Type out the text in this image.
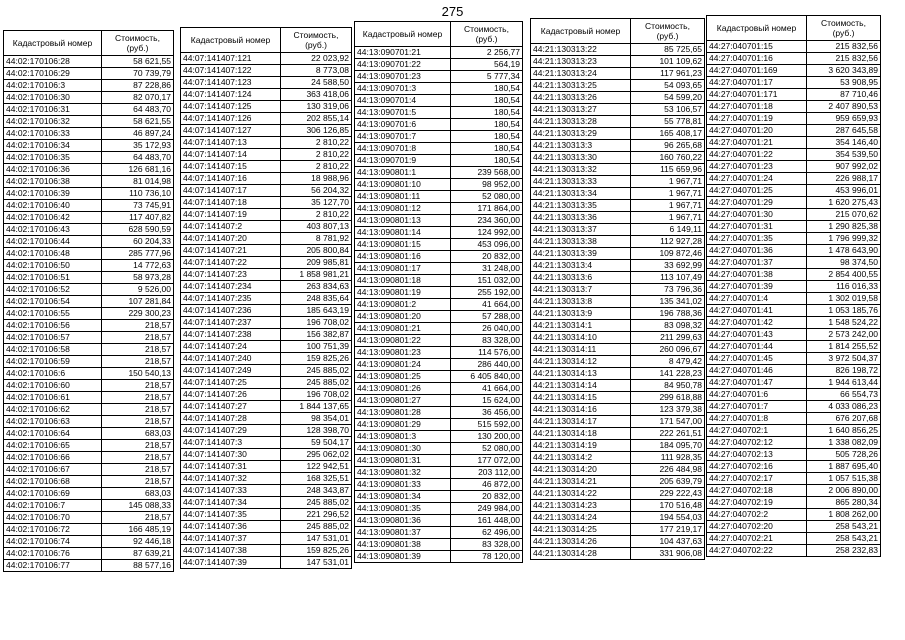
275
Кадастровый номер	Стоимость, (руб.)
44:02:170106:28	58 621,55
44:02:170106:29	70 739,79
44:02:170106:3	87 228,86
44:02:170106:30	82 070,17
44:02:170106:31	64 483,70
44:02:170106:32	58 621,55
44:02:170106:33	46 897,24
44:02:170106:34	35 172,93
44:02:170106:35	64 483,70
44:02:170106:36	126 681,16
44:02:170106:38	81 014,98
44:02:170106:39	110 736,10
44:02:170106:40	73 745,91
44:02:170106:42	117 407,82
44:02:170106:43	628 590,59
44:02:170106:44	60 204,33
44:02:170106:48	285 777,96
44:02:170106:50	14 772,63
44:02:170106:51	58 973,28
44:02:170106:52	9 526,00
44:02:170106:54	107 281,84
44:02:170106:55	229 300,23
44:02:170106:56	218,57
44:02:170106:57	218,57
44:02:170106:58	218,57
44:02:170106:59	218,57
44:02:170106:6	150 540,13
44:02:170106:60	218,57
44:02:170106:61	218,57
44:02:170106:62	218,57
44:02:170106:63	218,57
44:02:170106:64	683,03
44:02:170106:65	218,57
44:02:170106:66	218,57
44:02:170106:67	218,57
44:02:170106:68	218,57
44:02:170106:69	683,03
44:02:170106:7	145 088,33
44:02:170106:70	218,57
44:02:170106:72	166 485,19
44:02:170106:74	92 446,18
44:02:170106:76	87 639,21
44:02:170106:77	88 577,16
Кадастровый номер	Стоимость, (руб.)
44:07:141407:121	22 023,92
44:07:141407:122	8 773,08
44:07:141407:123	24 588,50
44:07:141407:124	363 418,06
44:07:141407:125	130 319,06
44:07:141407:126	202 855,14
44:07:141407:127	306 126,85
44:07:141407:13	2 810,22
44:07:141407:14	2 810,22
44:07:141407:15	2 810,22
44:07:141407:16	18 988,96
44:07:141407:17	56 204,32
44:07:141407:18	35 127,70
44:07:141407:19	2 810,22
44:07:141407:2	403 807,13
44:07:141407:20	8 781,92
44:07:141407:21	205 800,84
44:07:141407:22	209 985,81
44:07:141407:23	1 858 981,21
44:07:141407:234	263 834,63
44:07:141407:235	248 835,64
44:07:141407:236	185 643,19
44:07:141407:237	196 708,02
44:07:141407:238	156 382,87
44:07:141407:24	100 751,39
44:07:141407:240	159 825,26
44:07:141407:249	245 885,02
44:07:141407:25	245 885,02
44:07:141407:26	196 708,02
44:07:141407:27	1 844 137,65
44:07:141407:28	98 354,01
44:07:141407:29	128 398,70
44:07:141407:3	59 504,17
44:07:141407:30	295 062,02
44:07:141407:31	122 942,51
44:07:141407:32	168 325,51
44:07:141407:33	248 343,87
44:07:141407:34	245 885,02
44:07:141407:35	221 296,52
44:07:141407:36	245 885,02
44:07:141407:37	147 531,01
44:07:141407:38	159 825,26
44:07:141407:39	147 531,01
Кадастровый номер	Стоимость, (руб.)
44:13:090701:21	2 256,77
44:13:090701:22	564,19
44:13:090701:23	5 777,34
44:13:090701:3	180,54
44:13:090701:4	180,54
44:13:090701:5	180,54
44:13:090701:6	180,54
44:13:090701:7	180,54
44:13:090701:8	180,54
44:13:090701:9	180,54
44:13:090801:1	239 568,00
44:13:090801:10	98 952,00
44:13:090801:11	52 080,00
44:13:090801:12	171 864,00
44:13:090801:13	234 360,00
44:13:090801:14	124 992,00
44:13:090801:15	453 096,00
44:13:090801:16	20 832,00
44:13:090801:17	31 248,00
44:13:090801:18	151 032,00
44:13:090801:19	255 192,00
44:13:090801:2	41 664,00
44:13:090801:20	57 288,00
44:13:090801:21	26 040,00
44:13:090801:22	83 328,00
44:13:090801:23	114 576,00
44:13:090801:24	286 440,00
44:13:090801:25	6 405 840,00
44:13:090801:26	41 664,00
44:13:090801:27	15 624,00
44:13:090801:28	36 456,00
44:13:090801:29	515 592,00
44:13:090801:3	130 200,00
44:13:090801:30	52 080,00
44:13:090801:31	177 072,00
44:13:090801:32	203 112,00
44:13:090801:33	46 872,00
44:13:090801:34	20 832,00
44:13:090801:35	249 984,00
44:13:090801:36	161 448,00
44:13:090801:37	62 496,00
44:13:090801:38	83 328,00
44:13:090801:39	78 120,00
Кадастровый номер	Стоимость, (руб.)
44:21:130313:22	85 725,65
44:21:130313:23	101 109,62
44:21:130313:24	117 961,23
44:21:130313:25	54 093,65
44:21:130313:26	54 599,20
44:21:130313:27	53 106,57
44:21:130313:28	55 778,81
44:21:130313:29	165 408,17
44:21:130313:3	96 265,68
44:21:130313:30	160 760,22
44:21:130313:32	115 659,96
44:21:130313:33	1 967,71
44:21:130313:34	1 967,71
44:21:130313:35	1 967,71
44:21:130313:36	1 967,71
44:21:130313:37	6 149,11
44:21:130313:38	112 927,28
44:21:130313:39	109 872,46
44:21:130313:4	33 692,99
44:21:130313:6	113 107,49
44:21:130313:7	73 796,36
44:21:130313:8	135 341,02
44:21:130313:9	196 788,36
44:21:130314:1	83 098,32
44:21:130314:10	211 299,63
44:21:130314:11	260 096,67
44:21:130314:12	8 479,42
44:21:130314:13	141 228,23
44:21:130314:14	84 950,78
44:21:130314:15	299 618,88
44:21:130314:16	123 379,38
44:21:130314:17	171 547,00
44:21:130314:18	222 261,51
44:21:130314:19	184 095,70
44:21:130314:2	111 928,35
44:21:130314:20	226 484,98
44:21:130314:21	205 639,79
44:21:130314:22	229 222,43
44:21:130314:23	170 516,48
44:21:130314:24	194 554,03
44:21:130314:25	177 219,17
44:21:130314:26	104 437,63
44:21:130314:28	331 906,08
Кадастровый номер	Стоимость, (руб.)
44:27:040701:15	215 832,56
44:27:040701:16	215 832,56
44:27:040701:169	3 620 343,89
44:27:040701:17	53 908,95
44:27:040701:171	87 710,46
44:27:040701:18	2 407 890,53
44:27:040701:19	959 659,93
44:27:040701:20	287 645,58
44:27:040701:21	354 146,40
44:27:040701:22	354 539,50
44:27:040701:23	907 992,02
44:27:040701:24	226 988,17
44:27:040701:25	453 996,01
44:27:040701:29	1 620 275,43
44:27:040701:30	215 070,62
44:27:040701:31	1 290 825,38
44:27:040701:35	1 796 999,32
44:27:040701:36	1 478 643,90
44:27:040701:37	98 374,50
44:27:040701:38	2 854 400,55
44:27:040701:39	116 016,33
44:27:040701:4	1 302 019,58
44:27:040701:41	1 053 185,76
44:27:040701:42	1 548 524,22
44:27:040701:43	2 573 242,00
44:27:040701:44	1 814 255,52
44:27:040701:45	3 972 504,37
44:27:040701:46	826 198,72
44:27:040701:47	1 944 613,44
44:27:040701:6	66 554,73
44:27:040701:7	4 033 086,23
44:27:040701:8	676 207,68
44:27:040702:1	1 640 856,25
44:27:040702:12	1 338 082,09
44:27:040702:13	505 728,26
44:27:040702:16	1 887 695,40
44:27:040702:17	1 057 515,38
44:27:040702:18	2 006 890,00
44:27:040702:19	865 280,34
44:27:040702:2	1 808 262,00
44:27:040702:20	258 543,21
44:27:040702:21	258 543,21
44:27:040702:22	258 232,83
